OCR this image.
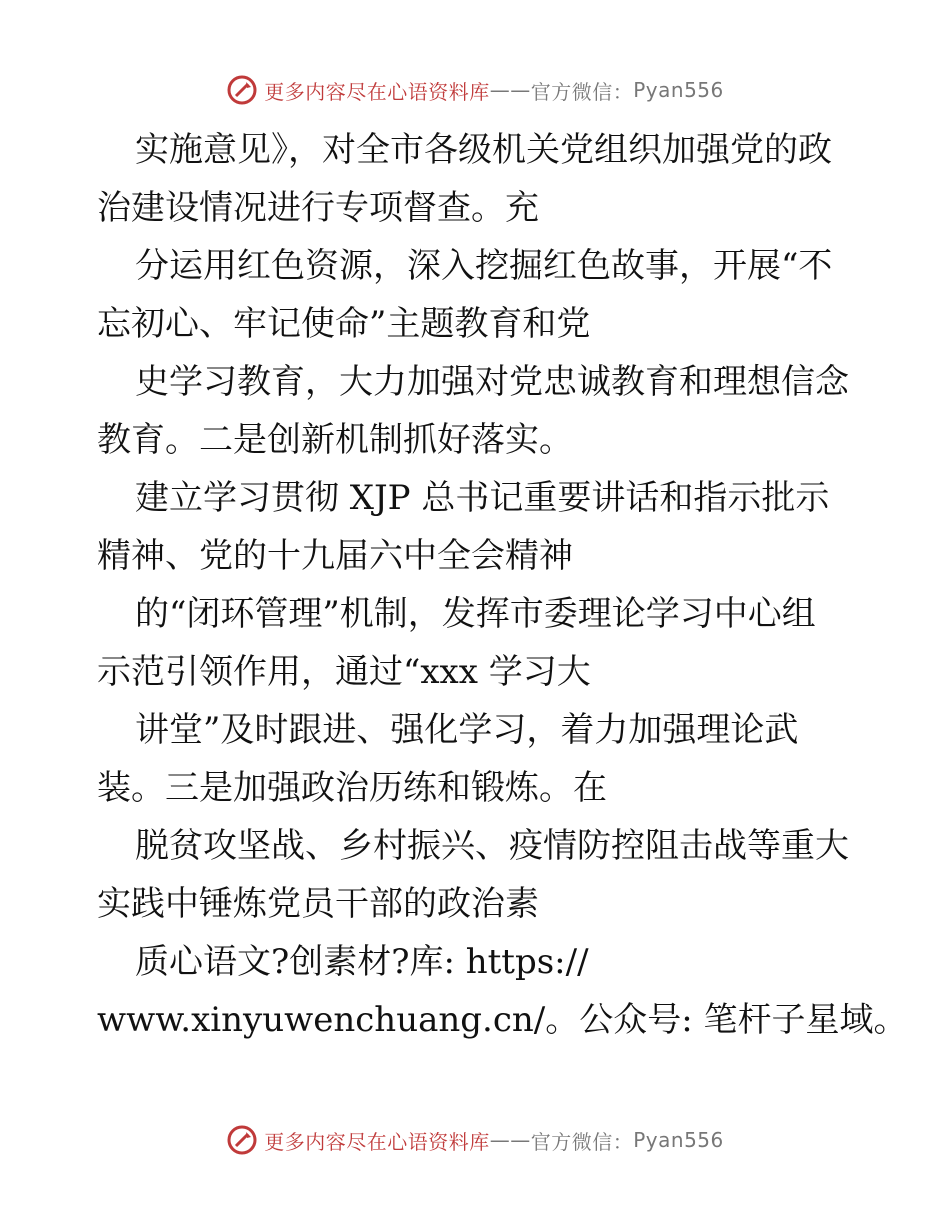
更多内容尽在心语资料库 —— 官方微信： Pyan556
实施意见》，对全市各级机关党组织加强党的政
治建设情况进行专项督查。充
分运用红色资源，深入挖掘红色故事，开展“不
忘初心、牢记使命”主题教育和党
史学习教育，大力加强对党忠诚教育和理想信念
教育。二是创新机制抓好落实。
建立学习贯彻 XJP 总书记重要讲话和指示批示
精神、党的十九届六中全会精神
的“闭环管理”机制，发挥市委理论学习中心组
示范引领作用，通过“xxx 学习大
讲堂”及时跟进、强化学习，着力加强理论武
装。三是加强政治历练和锻炼。在
脱贫攻坚战、乡村振兴、疫情防控阻击战等重大
实践中锤炼党员干部的政治素
质心语文?创素材?库: https://
www.xinyuwenchuang.cn/。公众号: 笔杆子星域。
更多内容尽在心语资料库 —— 官方微信： Pyan556
